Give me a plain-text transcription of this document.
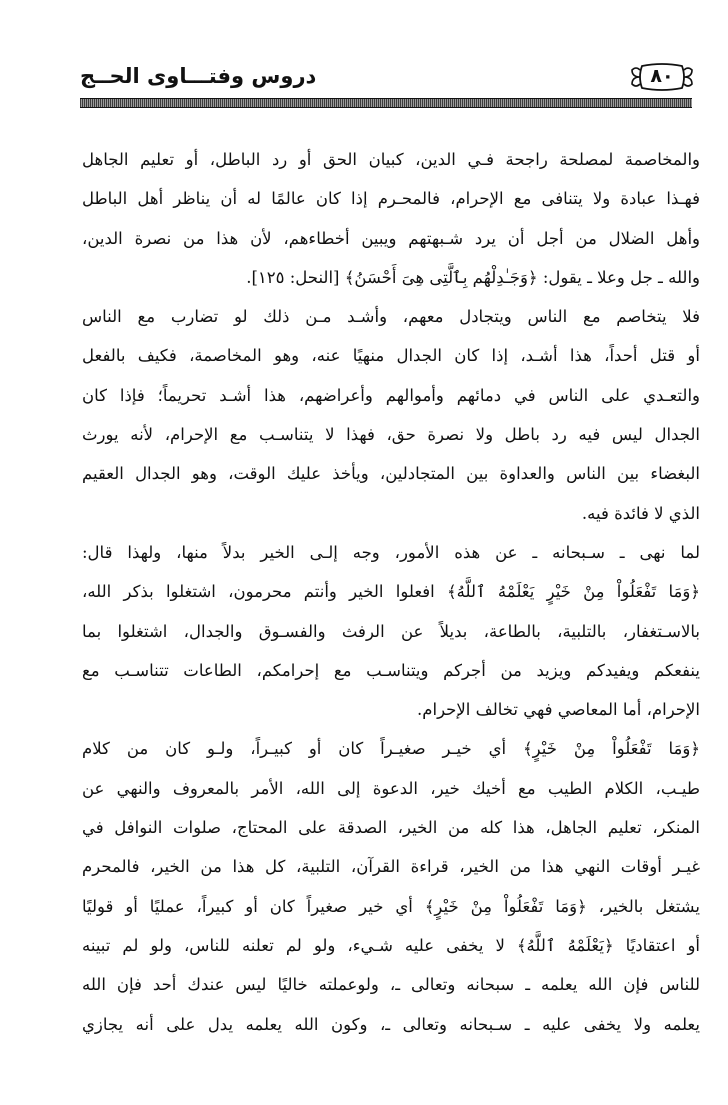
دروس وفتـــاوى الحــج	٨٠
والمخاصمة لمصلحة راجحة فـي الدين، كبيان الحق أو رد الباطل، أو تعليم الجاهل
فهـذا عبادة ولا يتنافى مع الإحرام، فالمحـرم إذا كان عالمًا له أن يناظر أهل الباطل
وأهل الضلال من أجل أن يرد شـبهتهم ويبين أخطاءهم، لأن هذا من نصرة الدين،
والله ـ جل وعلا ـ يقول: ﴿وَجَـٰدِلْهُم بِٱلَّتِى هِىَ أَحْسَنُ﴾ [النحل: ١٢٥].
فلا يتخاصم مع الناس ويتجادل معهم، وأشـد مـن ذلك لو تضارب مع الناس
أو قتل أحداً، هذا أشـد، إذا كان الجدال منهيًا عنه، وهو المخاصمة، فكيف بالفعل
والتعـدي على الناس في دمائهم وأموالهم وأعراضهم، هذا أشـد تحريماً؛ فإذا كان
الجدال ليس فيه رد باطل ولا نصرة حق، فهذا لا يتناسـب مع الإحرام، لأنه يورث
البغضاء بين الناس والعداوة بين المتجادلين، ويأخذ عليك الوقت، وهو الجدال العقيم
الذي لا فائدة فيه.
لما نهى ـ سـبحانه ـ عن هذه الأمور، وجه إلـى الخير بدلاً منها، ولهذا قال:
﴿وَمَا تَفْعَلُواْ مِنْ خَيْرٍ يَعْلَمْهُ ٱللَّهُ﴾ افعلوا الخير وأنتم محرمون، اشتغلوا بذكر الله،
بالاسـتغفار، بالتلبية، بالطاعة، بديلاً عن الرفث والفسـوق والجدال، اشتغلوا بما
ينفعكم ويفيدكم ويزيد من أجركم ويتناسـب مع إحرامكم، الطاعات تتناسـب مع
الإحرام، أما المعاصي فهي تخالف الإحرام.
﴿وَمَا تَفْعَلُواْ مِنْ خَيْرٍ﴾ أي خيـر صغيـراً كان أو كبيـراً، ولـو كان من كلام
طيـب، الكلام الطيب مع أخيك خير، الدعوة إلى الله، الأمر بالمعروف والنهي عن
المنكر، تعليم الجاهل، هذا كله من الخير، الصدقة على المحتاج، صلوات النوافل في
غيـر أوقات النهي هذا من الخير، قراءة القرآن، التلبية، كل هذا من الخير، فالمحرم
يشتغل بالخير، ﴿وَمَا تَفْعَلُواْ مِنْ خَيْرٍ﴾ أي خير صغيراً كان أو كبيراً، عمليًا أو قوليًا
أو اعتقاديًا ﴿يَعْلَمْهُ ٱللَّهُ﴾ لا يخفى عليه شـيء، ولو لم تعلنه للناس، ولو لم تبينه
للناس فإن الله يعلمه ـ سبحانه وتعالى ـ، ولوعملته خاليًا ليس عندك أحد فإن الله
يعلمه ولا يخفى عليه ـ سـبحانه وتعالى ـ، وكون الله يعلمه يدل على أنه يجازي
